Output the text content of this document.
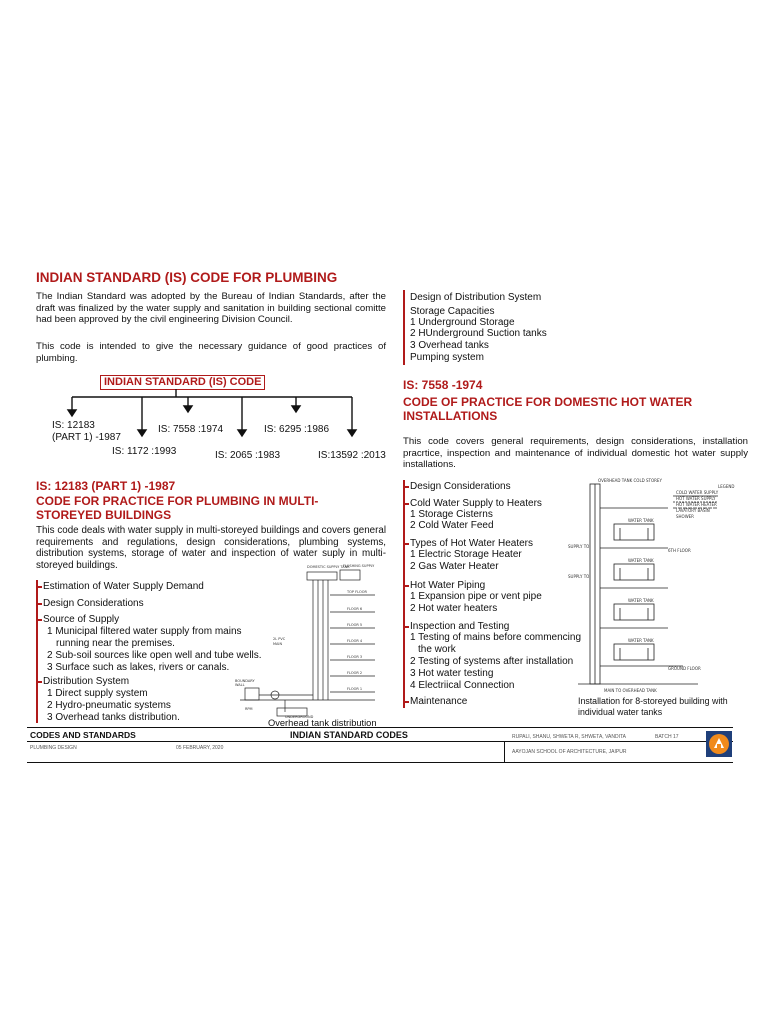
INDIAN STANDARD (IS) CODE FOR PLUMBING
The Indian Standard was adopted by the Bureau of Indian Standards, after the draft was finalized by the water supply and sanitation in building sectional comitte had been approved by the civil engineering Division Council.
This code is intended to give the necessary guidance of good practices of plumbing.
INDIAN STANDARD (IS) CODE
IS: 12183
(PART 1) -1987
IS: 1172 :1993
IS: 7558 :1974
IS: 2065 :1983
IS: 6295 :1986
IS:13592 :2013
IS: 12183 (PART 1) -1987
CODE FOR PRACTICE FOR PLUMBING IN MULTI-
STOREYED BUILDINGS
This code deals with water supply in multi-storeyed buildings and covers general requirements and regulations, design considerations, plumbing systems, distribution systems, storage of water and inspection of water suply in multi-storeyed buildings.
Estimation of Water Supply Demand
Design Considerations
Source of Supply
1 Municipal filtered water supply from mains
running near the premises.
2 Sub-soil sources like open well and tube wells.
3 Surface such as lakes, rivers or canals.
Distribution System
1 Direct supply system
2 Hydro-pneumatic systems
3 Overhead tanks distribution.
DOMESTIC SUPPLY TANK
FLUSHING SUPPLY
TOP FLOOR
FLOOR 6
FLOOR 5
FLOOR 4
FLOOR 3
FLOOR 2
FLOOR 1
2L PVC
MAIN
BOUNDARY
WALL
RPM
UNDERGROUND
Overhead tank distribution
Design of Distribution System
Storage Capacities
1 Underground Storage
2 HUnderground Suction tanks
3 Overhead tanks
Pumping system
IS: 7558 -1974
CODE OF PRACTICE FOR DOMESTIC HOT WATER
INSTALLATIONS
This code covers general requirements, design considerations, installation pracrtice, inspection and maintenance of individual domestic hot water supply installations.
Design Considerations
Cold Water Supply to Heaters
1 Storage Cisterns
2 Cold Water Feed
Types of Hot Water Heaters
1 Electric Storage Heater
2 Gas Water Heater
Hot Water Piping
1 Expansion pipe or vent pipe
2 Hot water heaters
Inspection and Testing
1 Testing of mains before commencing
the work
2 Testing of systems after installation
3 Hot water testing
4 Electriical Connection
Maintenance
OVERHEAD TANK COLD STOREY
LEGEND
COLD WATER SUPPLY
HOT WATER SUPPLY
HOT WATER HEATER
LAVATORY BASIN
SHOWER
WATER TANK
WATER TANK
WATER TANK
WATER TANK
6TH FLOOR
GROUND FLOOR
SUPPLY TO
SUPPLY TO
MAIN TO OVERHEAD TANK
Installation for 8-storeyed building with
individual water tanks
CODES AND STANDARDS
PLUMBING DESIGN	05 FEBRUARY, 2020
INDIAN STANDARD CODES	RUPALI, SHANU, SHWETA R, SHWETA, VANDITA	BATCH 17
AAYOJAN SCHOOL OF ARCHITECTURE, JAIPUR
